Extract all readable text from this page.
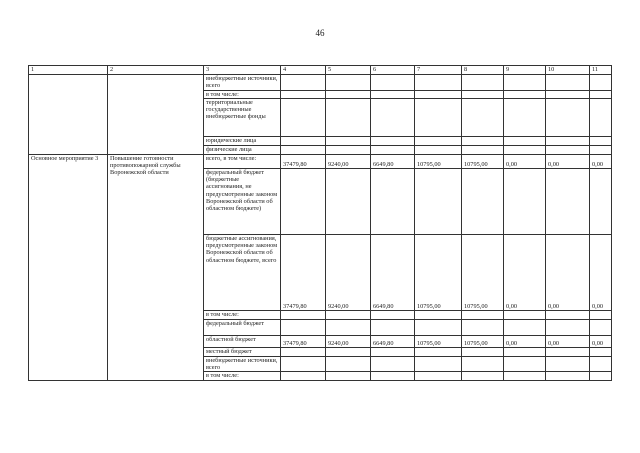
46
1	2	3	4	5	6	7	8	9	10	11
		внебюджетные источники, всего								
		в том числе:								
		территориальные государственные внебюджетные фонды								
		юридические лица								
		физические лица								
Основное мероприятие 3	Повышение готовности противопожарной службы Воронежской области	всего, в том числе:	37479,80	9240,00	6649,80	10795,00	10795,00	0,00	0,00	0,00
		федеральный бюджет (бюджетные ассигнования, не предусмотренные законом Воронежской области об областном бюджете)								
		бюджетные ассигнования, предусмотренные законом Воронежской области об областном бюджете, всего	37479,80	9240,00	6649,80	10795,00	10795,00	0,00	0,00	0,00
		в том числе:								
		федеральный бюджет								
		областной бюджет	37479,80	9240,00	6649,80	10795,00	10795,00	0,00	0,00	0,00
		местный бюджет								
		внебюджетные источники, всего								
		в том числе:								
